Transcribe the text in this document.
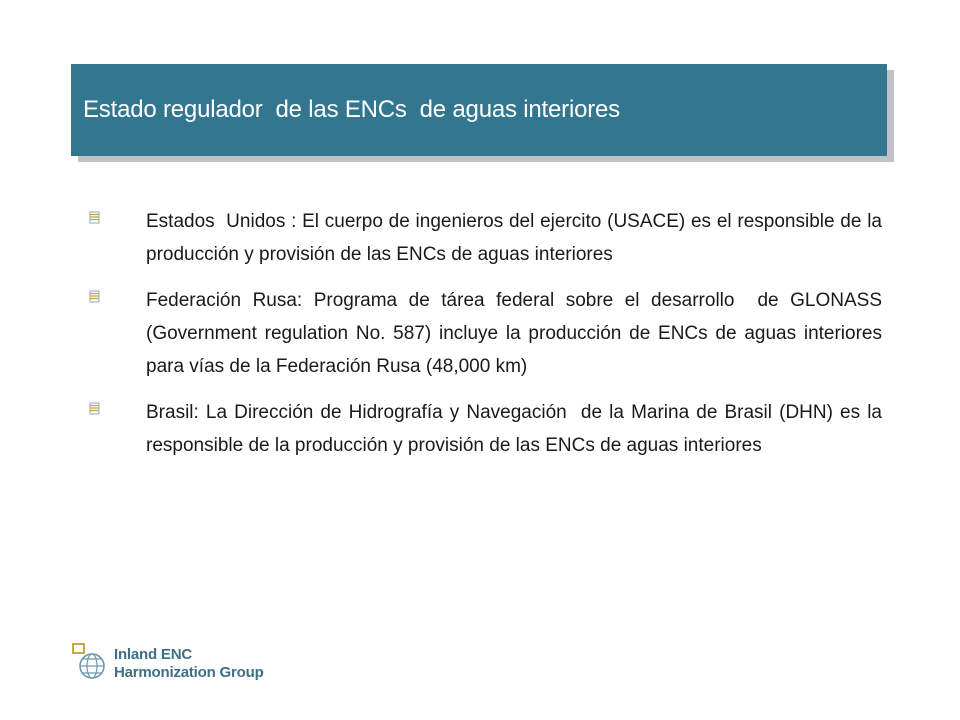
Estado regulador  de las ENCs  de aguas interiores
Estados  Unidos : El cuerpo de ingenieros del ejercito (USACE) es el responsible de la producción y provisión de las ENCs de aguas interiores
Federación Rusa: Programa de tárea federal sobre el desarrollo  de GLONASS (Government regulation No. 587) incluye la producción de ENCs de aguas interiores para vías de la Federación Rusa (48,000 km)
Brasil: La Dirección de Hidrografía y Navegación  de la Marina de Brasil (DHN) es la responsible de la producción y provisión de las ENCs de aguas interiores
Inland ENC
Harmonization Group
